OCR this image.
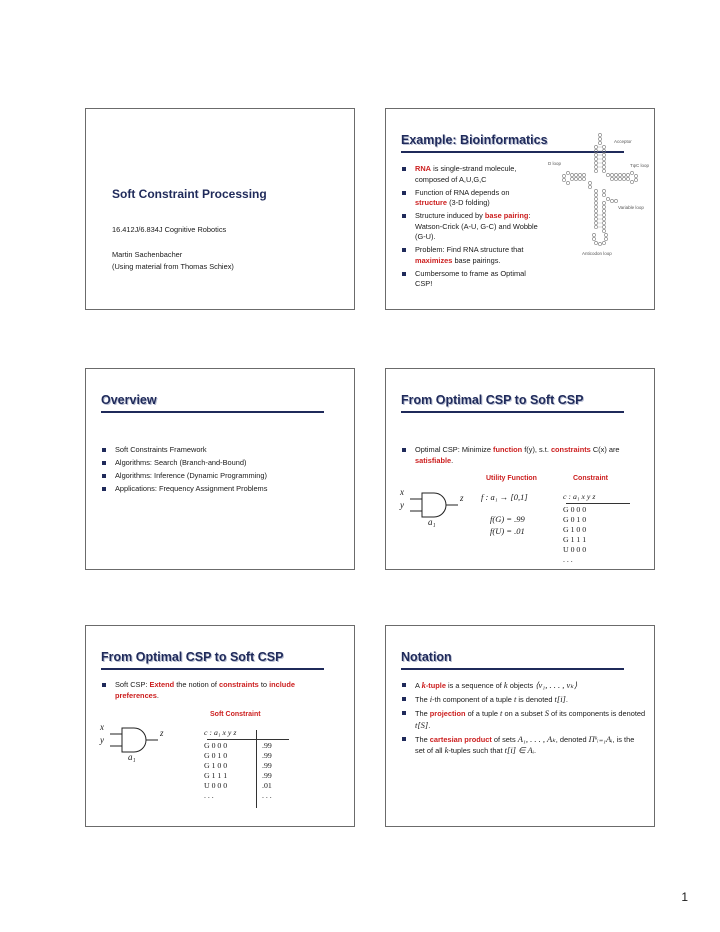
Soft Constraint Processing
16.412J/6.834J Cognitive Robotics
Martin Sachenbacher
(Using material from Thomas Schiex)
Example: Bioinformatics
RNA is single-strand molecule, composed of A,U,G,C
Function of RNA depends on structure (3-D folding)
Structure induced by base pairing: Watson-Crick (A-U, G-C) and Wobble (G-U).
Problem: Find RNA structure that maximizes base pairings.
Cumbersome to frame as Optimal CSP!
Acceptor
D loop	TψC loop
Variable loop
Anticodon loop
Overview
Soft Constraints Framework
Algorithms: Search (Branch-and-Bound)
Algorithms: Inference (Dynamic Programming)
Applications: Frequency Assignment Problems
From Optimal CSP to Soft CSP
Optimal CSP: Minimize function f(y), s.t. constraints C(x) are satisfiable.
Utility Function	Constraint
x
y
z
a₁
f : a₁ → [0,1]
f(G) = .99
f(U) = .01
c : a₁ x y z
G 0 0 0
G 0 1 0
G 1 0 0
G 1 1 1
U 0 0 0
. . .
From Optimal CSP to Soft CSP
Soft CSP: Extend the notion of constraints to include preferences.
Soft Constraint
x
y
z
a₁
c : a₁ x y z
G 0 0 0
G 0 1 0
G 1 0 0
G 1 1 1
U 0 0 0
. . .

.99
.99
.99
.99
.01
. . .
Notation
A k-tuple is a sequence of k objects ⟨v₁, . . . , vₖ⟩
The i-th component of a tuple t is denoted t[i].
The projection of a tuple t on a subset S of its components is denoted t[S].
The cartesian product of sets A₁, . . . , Aₖ, denoted Πᵏᵢ₌₁Aᵢ, is the set of all k-tuples such that t[i] ∈ Aᵢ.
1
